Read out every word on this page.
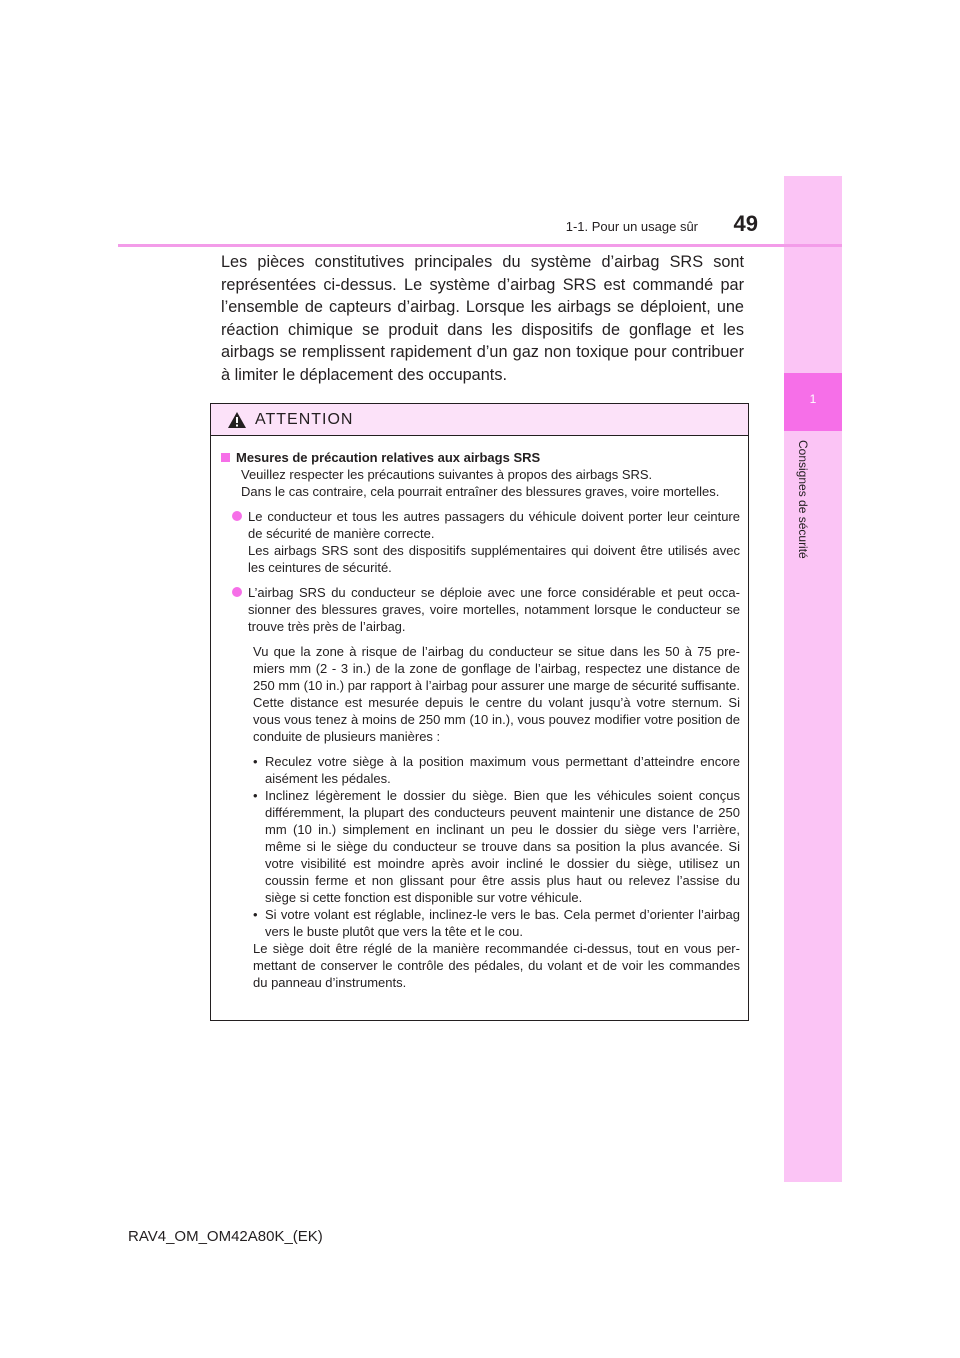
1
Consignes de sécurité
1-1. Pour un usage sûr	49
Les pièces constitutives principales du système d’airbag SRS sont représentées ci-dessus. Le système d’airbag SRS est commandé par l’ensemble de capteurs d’airbag. Lorsque les airbags se déploient, une réaction chimique se produit dans les dispositifs de gonflage et les airbags se remplissent rapidement d’un gaz non toxique pour contribuer à limiter le déplacement des occupants.
ATTENTION
Mesures de précaution relatives aux airbags SRS
Veuillez respecter les précautions suivantes à propos des airbags SRS.
Dans le cas contraire, cela pourrait entraîner des blessures graves, voire mortelles.
Le conducteur et tous les autres passagers du véhicule doivent porter leur ceinture de sécurité de manière correcte.
Les airbags SRS sont des dispositifs supplémentaires qui doivent être utilisés avec les ceintures de sécurité.
L’airbag SRS du conducteur se déploie avec une force considérable et peut occasionner des blessures graves, voire mortelles, notamment lorsque le conducteur se trouve très près de l’airbag.
Vu que la zone à risque de l’airbag du conducteur se situe dans les 50 à 75 premiers mm (2 - 3 in.) de la zone de gonflage de l’airbag, respectez une distance de 250 mm (10 in.) par rapport à l’airbag pour assurer une marge de sécurité suffisante. Cette distance est mesurée depuis le centre du volant jusqu’à votre sternum. Si vous vous tenez à moins de 250 mm (10 in.), vous pouvez modifier votre position de conduite de plusieurs manières :
• Reculez votre siège à la position maximum vous permettant d’atteindre encore aisément les pédales.
• Inclinez légèrement le dossier du siège. Bien que les véhicules soient conçus différemment, la plupart des conducteurs peuvent maintenir une distance de 250 mm (10 in.) simplement en inclinant un peu le dossier du siège vers l’arrière, même si le siège du conducteur se trouve dans sa position la plus avancée. Si votre visibilité est moindre après avoir incliné le dossier du siège, utilisez un coussin ferme et non glissant pour être assis plus haut ou relevez l’assise du siège si cette fonction est disponible sur votre véhicule.
• Si votre volant est réglable, inclinez-le vers le bas. Cela permet d’orienter l’airbag vers le buste plutôt que vers la tête et le cou.
Le siège doit être réglé de la manière recommandée ci-dessus, tout en vous permettant de conserver le contrôle des pédales, du volant et de voir les commandes du panneau d’instruments.
RAV4_OM_OM42A80K_(EK)
